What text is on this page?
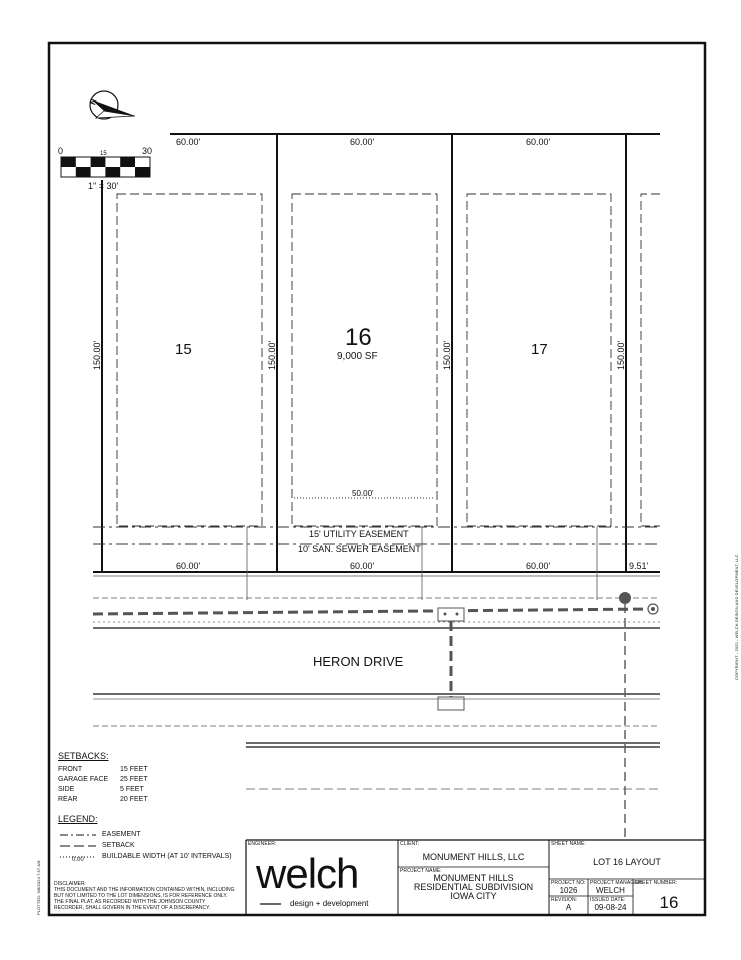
N
0	15	30
1" = 30'
60.00'	60.00'	60.00'
60.00'	60.00'	60.00'	9.51'
150.00'	150.00'	150.00'	150.00'
15	16
9,000 SF	17
50.00'
15' UTILITY EASEMENT
10' SAN. SEWER EASEMENT
HERON DRIVE	COPYRIGHT - 2022 - WELCH DESIGN AND DEVELOPMENT, LLC
PLOTTED: 9/8/2024 7:57 AM
SETBACKS:
FRONT	15 FEET
GARAGE FACE	25 FEET
SIDE	5 FEET
REAR	20 FEET
LEGEND:
EASEMENT
SETBACK
0.00' BUILDABLE WIDTH (AT 10' INTERVALS)
DISCLAIMER:
THIS DOCUMENT AND THE INFORMATION CONTAINED WITHIN, INCLUDING
BUT NOT LIMITED TO THE LOT DIMENSIONS, IS FOR REFERENCE ONLY.
THE FINAL PLAT, AS RECORDED WITH THE JOHNSON COUNTY
RECORDER, SHALL GOVERN IN THE EVENT OF A DISCREPANCY.
ENGINEER:
welch
design + development
CLIENT:
MONUMENT HILLS, LLC
PROJECT NAME:
MONUMENT HILLS
RESIDENTIAL SUBDIVISION
IOWA CITY
SHEET NAME:
LOT 16 LAYOUT
PROJECT NO:
1026
PROJECT MANAGER:
WELCH
SHEET NUMBER:
16
REVISION:
A
ISSUED DATE:
09-08-24
